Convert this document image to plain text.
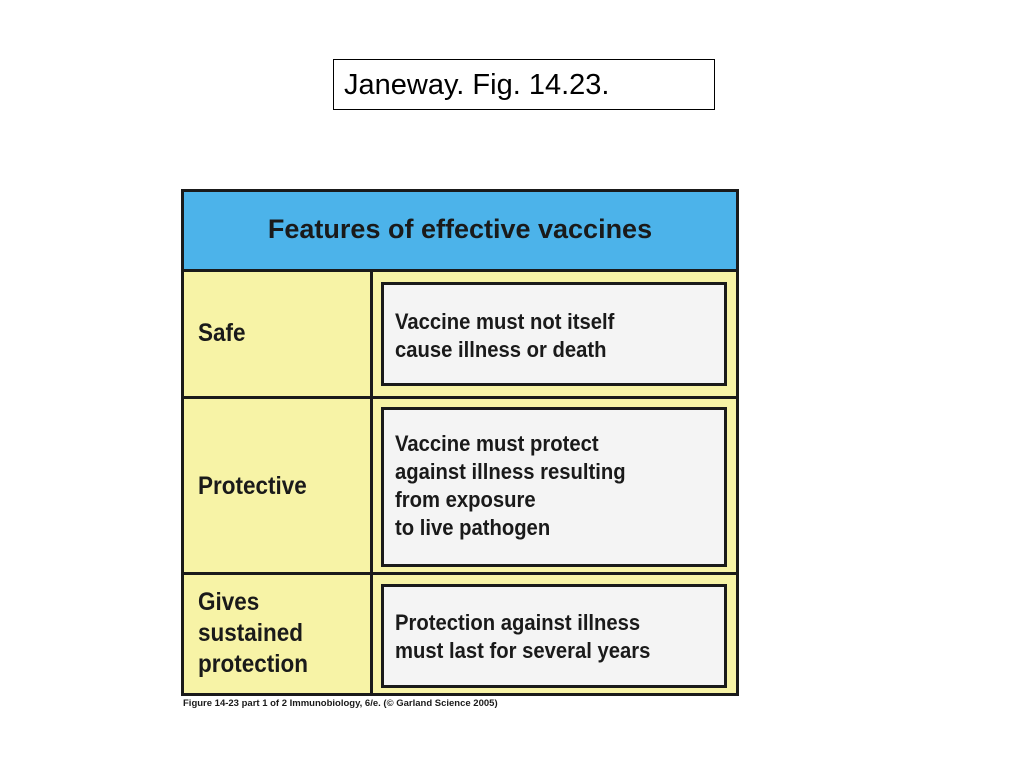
Janeway. Fig. 14.23.
Features of effective vaccines
Safe	Vaccine must not itself
cause illness or death
Protective
Vaccine must protect
against illness resulting
from exposure
to live pathogen
Gives
sustained
protection
Protection against illness
must last for several years
Figure 14-23 part 1 of 2 Immunobiology, 6/e. (© Garland Science 2005)
